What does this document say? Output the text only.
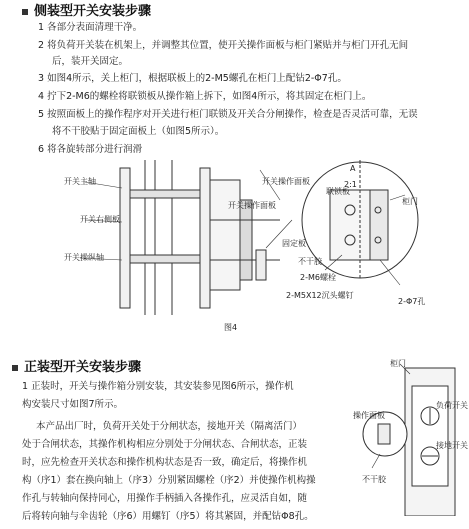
侧装型开关安装步骤
1 各部分表面清理干净。
2 将负荷开关装在机架上，并调整其位置，使开关操作面板与柜门紧贴并与柜门开孔无间
后，装开关固定。
3 如图4所示，关上柜门，根据联板上的2-M5螺孔在柜门上配钻2-Φ7孔。
4 拧下2-M6的螺栓将联锁板从操作箱上拆下，如图4所示，将其固定在柜门上。
5 按照面板上的操作程序对开关进行柜门联锁及开关合分闸操作，检查是否灵活可靠，无误
将不干胶贴于固定面板上（如图5所示）。
6 将各旋转部分进行润滑
开关主轴
开关右侧板
开关操纵轴
开关操作面板
开关操作面板
联锁板
A
2:1
柜门
固定板
不干胶
2-M6螺栓
2-M5X12沉头螺钉
2-Φ7孔
图4
正装型开关安装步骤
1 正装时，开关与操作箱分别安装，其安装参见图6所示，操作机
构安装尺寸如图7所示。
本产品出厂时，负荷开关处于分闸状态，接地开关（隔离活门）
处于合闸状态，其操作机构相应分别处于分闸状态、合闸状态，正装
时，应先检查开关状态和操作机构状态是否一致，确定后，将操作机
构（序1）套在换向轴上（序3）分别紧固螺栓（序2）并使操作机构操
作孔与转轴向保持同心，用操作手柄插入各操作孔，应灵活自如，随
后将转向轴与伞齿轮（序6）用螺钉（序5）将其紧固，并配钻Φ8孔。
柜门
负荷开关
接地开关
操作面板
不干胶
